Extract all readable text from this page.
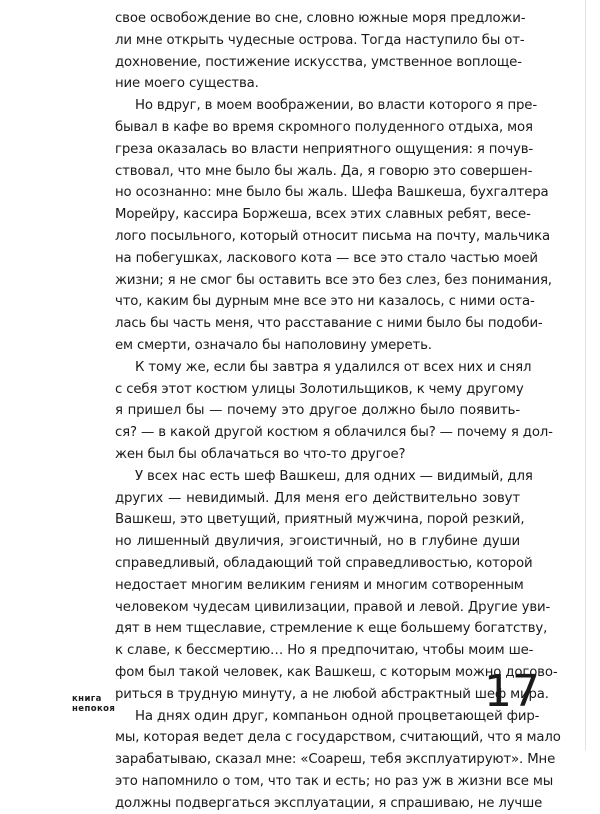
свое освобождение во сне, словно южные моря предложи-
ли мне открыть чудесные острова. Тогда наступило бы от-
дохновение, постижение искусства, умственное воплоще-
ние моего существа.
Но вдруг, в моем воображении, во власти которого я пре-
бывал в кафе во время скромного полуденного отдыха, моя
греза оказалась во власти неприятного ощущения: я почув-
ствовал, что мне было бы жаль. Да, я говорю это совершен-
но осознанно: мне было бы жаль. Шефа Вашкеша, бухгалтера
Морейру, кассира Боржеша, всех этих славных ребят, весе-
лого посыльного, который относит письма на почту, мальчика
на побегушках, ласкового кота — все это стало частью моей
жизни; я не смог бы оставить все это без слез, без понимания,
что, каким бы дурным мне все это ни казалось, с ними оста-
лась бы часть меня, что расставание с ними было бы подоби-
ем смерти, означало бы наполовину умереть.
К тому же, если бы завтра я удалился от всех них и снял
с себя этот костюм улицы Золотильщиков, к чему другому
я пришел бы — почему это другое должно было появить-
ся? — в какой другой костюм я облачился бы? — почему я дол-
жен был бы облачаться во что-то другое?
У всех нас есть шеф Вашкеш, для одних — видимый, для
других — невидимый. Для меня его действительно зовут
Вашкеш, это цветущий, приятный мужчина, порой резкий,
но лишенный двуличия, эгоистичный, но в глубине души
справедливый, обладающий той справедливостью, которой
недостает многим великим гениям и многим сотворенным
человеком чудесам цивилизации, правой и левой. Другие уви-
дят в нем тщеславие, стремление к еще большему богатству,
к славе, к бессмертию… Но я предпочитаю, чтобы моим ше-
фом был такой человек, как Вашкеш, с которым можно догово-
риться в трудную минуту, а не любой абстрактный шеф мира.
На днях один друг, компаньон одной процветающей фир-
мы, которая ведет дела с государством, считающий, что я мало
зарабатываю, сказал мне: «Соареш, тебя эксплуатируют». Мне
это напомнило о том, что так и есть; но раз уж в жизни все мы
должны подвергаться эксплуатации, я спрашиваю, не лучше
книга
непокоя	17
